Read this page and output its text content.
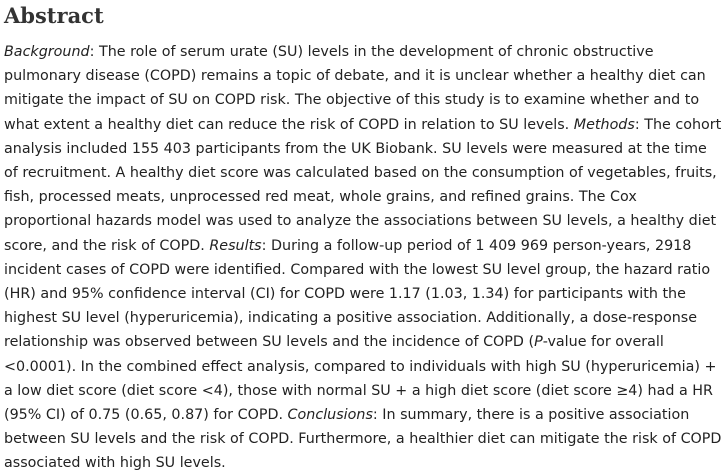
Abstract

Background: The role of serum urate (SU) levels in the development of chronic obstructive pulmonary disease (COPD) remains a topic of debate, and it is unclear whether a healthy diet can mitigate the impact of SU on COPD risk. The objective of this study is to examine whether and to what extent a healthy diet can reduce the risk of COPD in relation to SU levels. Methods: The cohort analysis included 155 403 participants from the UK Biobank. SU levels were measured at the time of recruitment. A healthy diet score was calculated based on the consumption of vegetables, fruits, fish, processed meats, unprocessed red meat, whole grains, and refined grains. The Cox proportional hazards model was used to analyze the associations between SU levels, a healthy diet score, and the risk of COPD. Results: During a follow-up period of 1 409 969 person-years, 2918 incident cases of COPD were identified. Compared with the lowest SU level group, the hazard ratio (HR) and 95% confidence interval (CI) for COPD were 1.17 (1.03, 1.34) for participants with the highest SU level (hyperuricemia), indicating a positive association. Additionally, a dose-response relationship was observed between SU levels and the incidence of COPD (P-value for overall <0.0001). In the combined effect analysis, compared to individuals with high SU (hyperuricemia) + a low diet score (diet score <4), those with normal SU + a high diet score (diet score ≥4) had a HR (95% CI) of 0.75 (0.65, 0.87) for COPD. Conclusions: In summary, there is a positive association between SU levels and the risk of COPD. Furthermore, a healthier diet can mitigate the risk of COPD associated with high SU levels.
